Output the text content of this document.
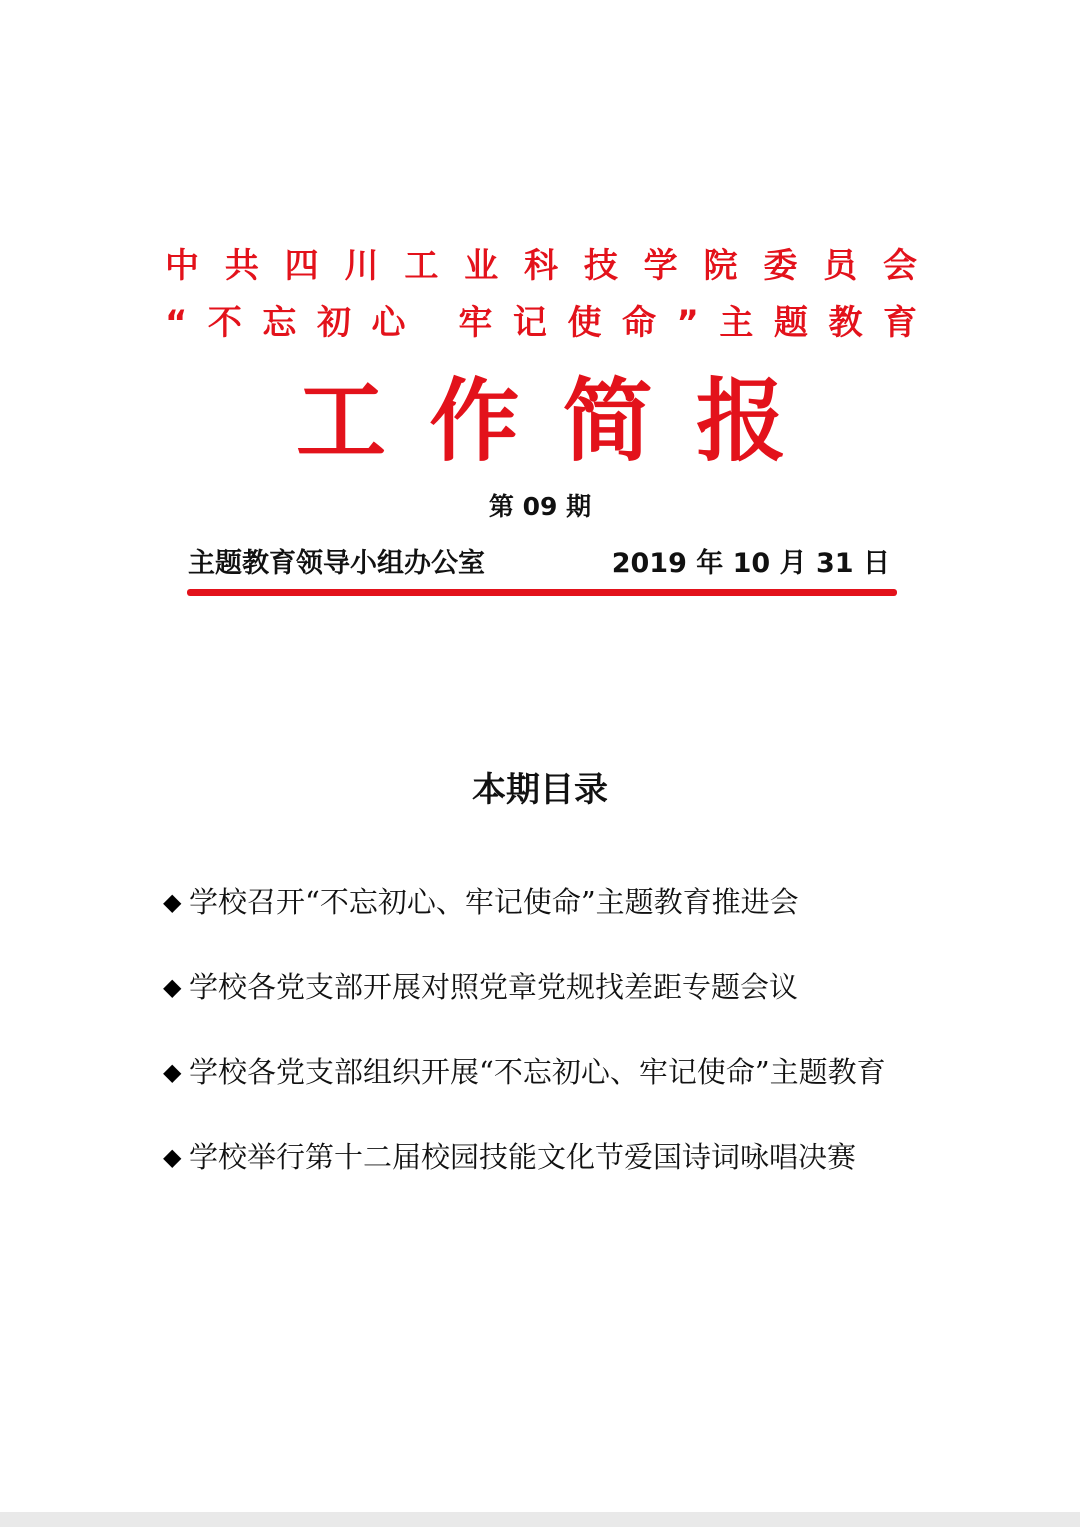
中共四川工业科技学院委员会
“不忘初心 牢记使命”主题教育
工作简报
第 09 期
主题教育领导小组办公室	2019 年 10 月 31 日
本期目录
◆ 学校召开“不忘初心、牢记使命”主题教育推进会
◆ 学校各党支部开展对照党章党规找差距专题会议
◆ 学校各党支部组织开展“不忘初心、牢记使命”主题教育
◆ 学校举行第十二届校园技能文化节爱国诗词咏唱决赛
